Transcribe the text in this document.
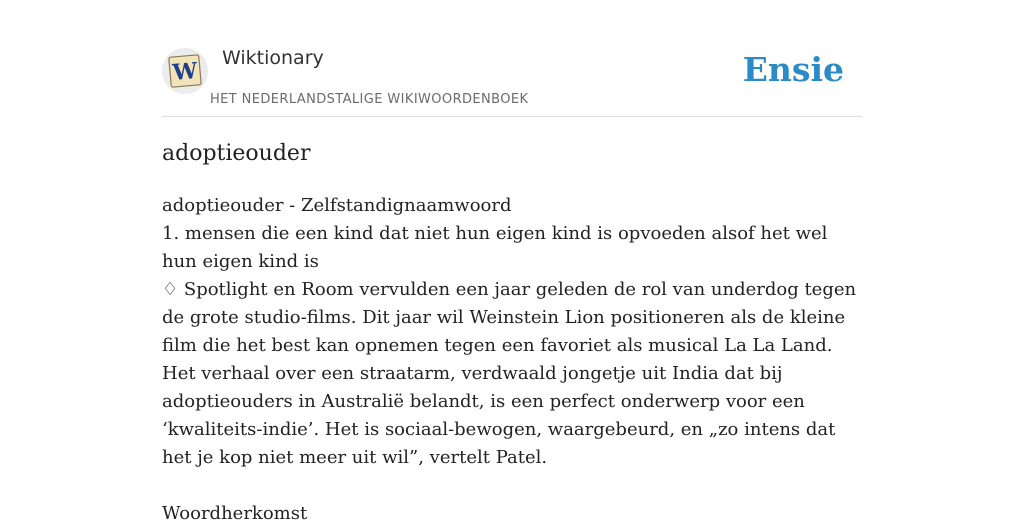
W Wiktionary
HET NEDERLANDSTALIGE WIKIWOORDENBOEK
Ensie
adoptieouder

adoptieouder - Zelfstandignaamwoord

1. mensen die een kind dat niet hun eigen kind is opvoeden alsof het wel hun eigen kind is

♢ Spotlight en Room vervulden een jaar geleden de rol van underdog tegen de grote studio-films. Dit jaar wil Weinstein Lion positioneren als de kleine film die het best kan opnemen tegen een favoriet als musical La La Land. Het verhaal over een straatarm, verdwaald jongetje uit India dat bij adoptieouders in Australië belandt, is een perfect onderwerp voor een ‘kwaliteits-indie’. Het is sociaal-bewogen, waargebeurd, en „zo intens dat het je kop niet meer uit wil”, vertelt Patel.

Woordherkomst
